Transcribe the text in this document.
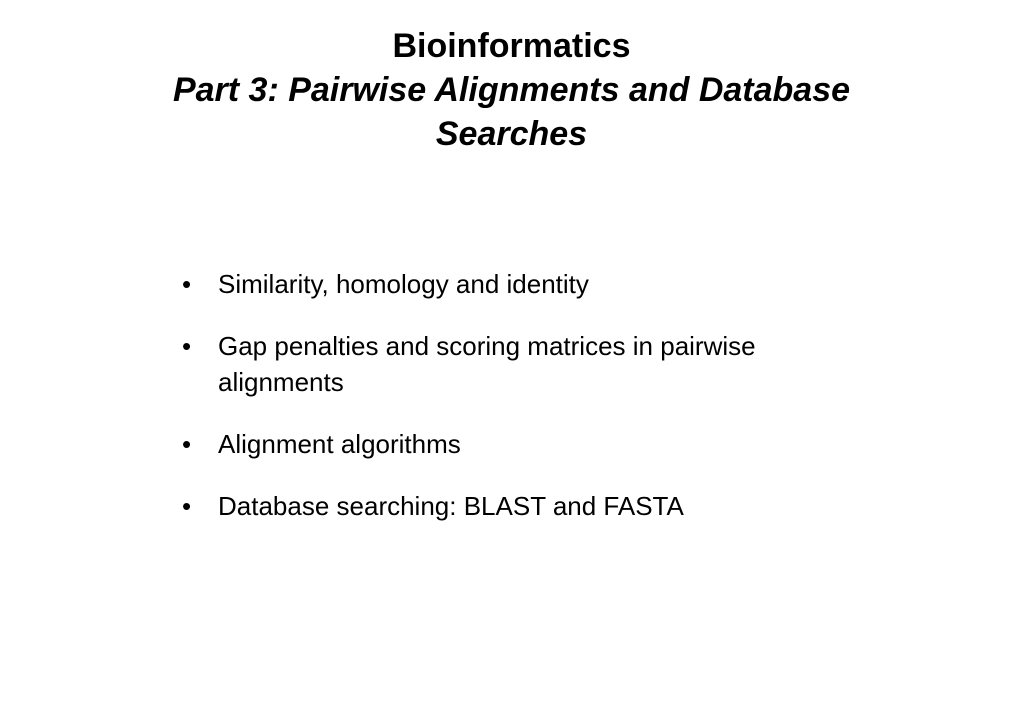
Bioinformatics
Part 3: Pairwise Alignments and Database
Searches
•	Similarity, homology and identity
•	Gap penalties and scoring matrices in pairwise alignments
•	Alignment algorithms
•	Database searching: BLAST and FASTA
